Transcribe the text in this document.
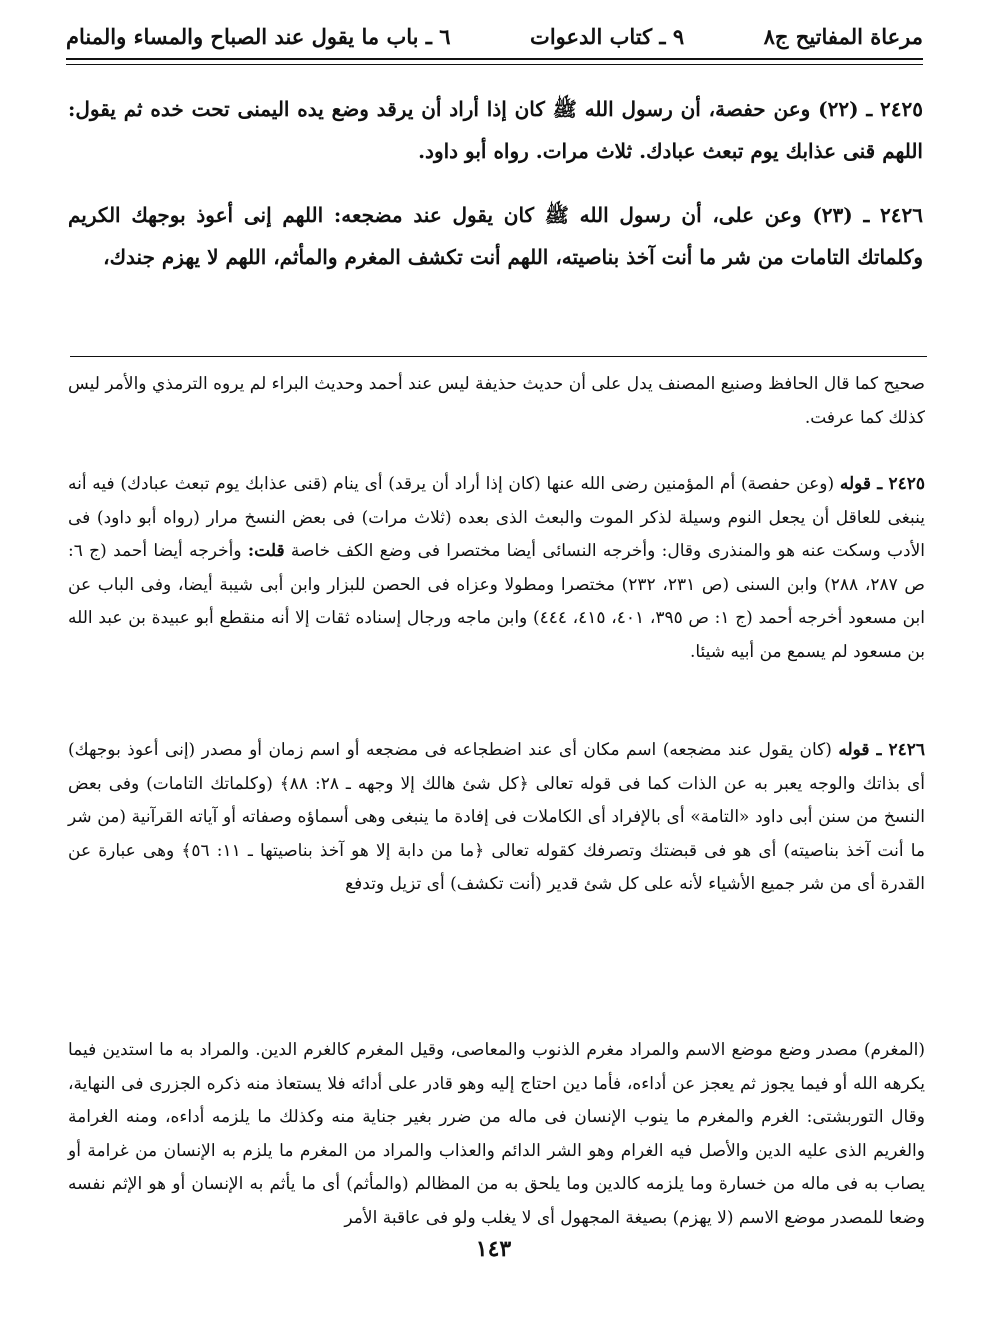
مرعاة المفاتيح ج٨
٩ ـ كتاب الدعوات
٦ ـ باب ما يقول عند الصباح والمساء والمنام
٢٤٢٥ ـ (٢٢) وعن حفصة، أن رسول الله ﷺ كان إذا أراد أن يرقد وضع يده اليمنى تحت خده ثم يقول: اللهم قنى عذابك يوم تبعث عبادك. ثلاث مرات. رواه أبو داود.
٢٤٢٦ ـ (٢٣) وعن على، أن رسول الله ﷺ كان يقول عند مضجعه: اللهم إنى أعوذ بوجهك الكريم وكلماتك التامات من شر ما أنت آخذ بناصيته، اللهم أنت تكشف المغرم والمأثم، اللهم لا يهزم جندك،
صحيح كما قال الحافظ وصنيع المصنف يدل على أن حديث حذيفة ليس عند أحمد وحديث البراء لم يروه الترمذي والأمر ليس كذلك كما عرفت.
٢٤٢٥ ـ قوله (وعن حفصة) أم المؤمنين رضى الله عنها (كان إذا أراد أن يرقد) أى ينام (قنى عذابك يوم تبعث عبادك) فيه أنه ينبغى للعاقل أن يجعل النوم وسيلة لذكر الموت والبعث الذى بعده (ثلاث مرات) فى بعض النسخ مرار (رواه أبو داود) فى الأدب وسكت عنه هو والمنذرى وقال: وأخرجه النسائى أيضا مختصرا فى وضع الكف خاصة قلت: وأخرجه أيضا أحمد (ج ٦: ص ٢٨٧، ٢٨٨) وابن السنى (ص ٢٣١، ٢٣٢) مختصرا ومطولا وعزاه فى الحصن للبزار وابن أبى شيبة أيضا، وفى الباب عن ابن مسعود أخرجه أحمد (ج ١: ص ٣٩٥، ٤٠١، ٤١٥، ٤٤٤) وابن ماجه ورجال إسناده ثقات إلا أنه منقطع أبو عبيدة بن عبد الله بن مسعود لم يسمع من أبيه شيئا.
٢٤٢٦ ـ قوله (كان يقول عند مضجعه) اسم مكان أى عند اضطجاعه فى مضجعه أو اسم زمان أو مصدر (إنى أعوذ بوجهك) أى بذاتك والوجه يعبر به عن الذات كما فى قوله تعالى ﴿كل شئ هالك إلا وجهه ـ ٢٨: ٨٨﴾ (وكلماتك التامات) وفى بعض النسخ من سنن أبى داود «التامة» أى بالإفراد أى الكاملات فى إفادة ما ينبغى وهى أسماؤه وصفاته أو آياته القرآنية (من شر ما أنت آخذ بناصيته) أى هو فى قبضتك وتصرفك كقوله تعالى ﴿ما من دابة إلا هو آخذ بناصيتها ـ ١١: ٥٦﴾ وهى عبارة عن القدرة أى من شر جميع الأشياء لأنه على كل شئ قدير (أنت تكشف) أى تزيل وتدفع
(المغرم) مصدر وضع موضع الاسم والمراد مغرم الذنوب والمعاصى، وقيل المغرم كالغرم الدين. والمراد به ما استدين فيما يكرهه الله أو فيما يجوز ثم يعجز عن أداءه، فأما دين احتاج إليه وهو قادر على أدائه فلا يستعاذ منه ذكره الجزرى فى النهاية، وقال التوربشتى: الغرم والمغرم ما ينوب الإنسان فى ماله من ضرر بغير جناية منه وكذلك ما يلزمه أداءه، ومنه الغرامة والغريم الذى عليه الدين والأصل فيه الغرام وهو الشر الدائم والعذاب والمراد من المغرم ما يلزم به الإنسان من غرامة أو يصاب به فى ماله من خسارة وما يلزمه كالدين وما يلحق به من المظالم (والمأثم) أى ما يأثم به الإنسان أو هو الإثم نفسه وضعا للمصدر موضع الاسم (لا يهزم) بصيغة المجهول أى لا يغلب ولو فى عاقبة الأمر
١٤٣
